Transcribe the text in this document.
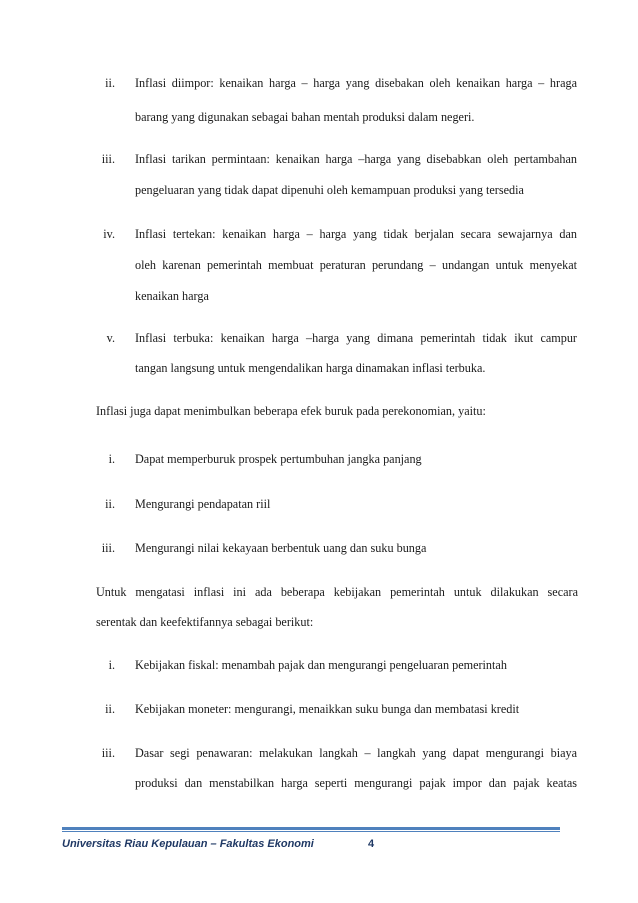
ii. Inflasi diimpor: kenaikan harga – harga yang disebakan oleh kenaikan harga – hraga
barang yang digunakan sebagai bahan mentah produksi dalam negeri.
iii. Inflasi tarikan permintaan: kenaikan harga –harga yang disebabkan oleh pertambahan
pengeluaran yang tidak dapat dipenuhi oleh kemampuan produksi yang tersedia
iv. Inflasi tertekan: kenaikan harga – harga yang tidak berjalan secara sewajarnya dan
oleh karenan pemerintah membuat peraturan perundang – undangan untuk menyekat
kenaikan harga
v. Inflasi terbuka: kenaikan harga –harga yang dimana pemerintah tidak ikut campur
tangan langsung untuk mengendalikan harga dinamakan inflasi terbuka.
Inflasi juga dapat menimbulkan beberapa efek buruk pada perekonomian, yaitu:
i. Dapat memperburuk prospek pertumbuhan jangka panjang
ii. Mengurangi pendapatan riil
iii. Mengurangi nilai kekayaan berbentuk uang dan suku bunga
Untuk mengatasi inflasi ini ada beberapa kebijakan pemerintah untuk dilakukan secara
serentak dan keefektifannya sebagai berikut:
i. Kebijakan fiskal: menambah pajak dan mengurangi pengeluaran pemerintah
ii. Kebijakan moneter: mengurangi, menaikkan suku bunga dan membatasi kredit
iii. Dasar segi penawaran: melakukan langkah – langkah yang dapat mengurangi biaya
produksi dan menstabilkan harga seperti mengurangi pajak impor dan pajak keatas
Universitas Riau Kepulauan – Fakultas Ekonomi	4
